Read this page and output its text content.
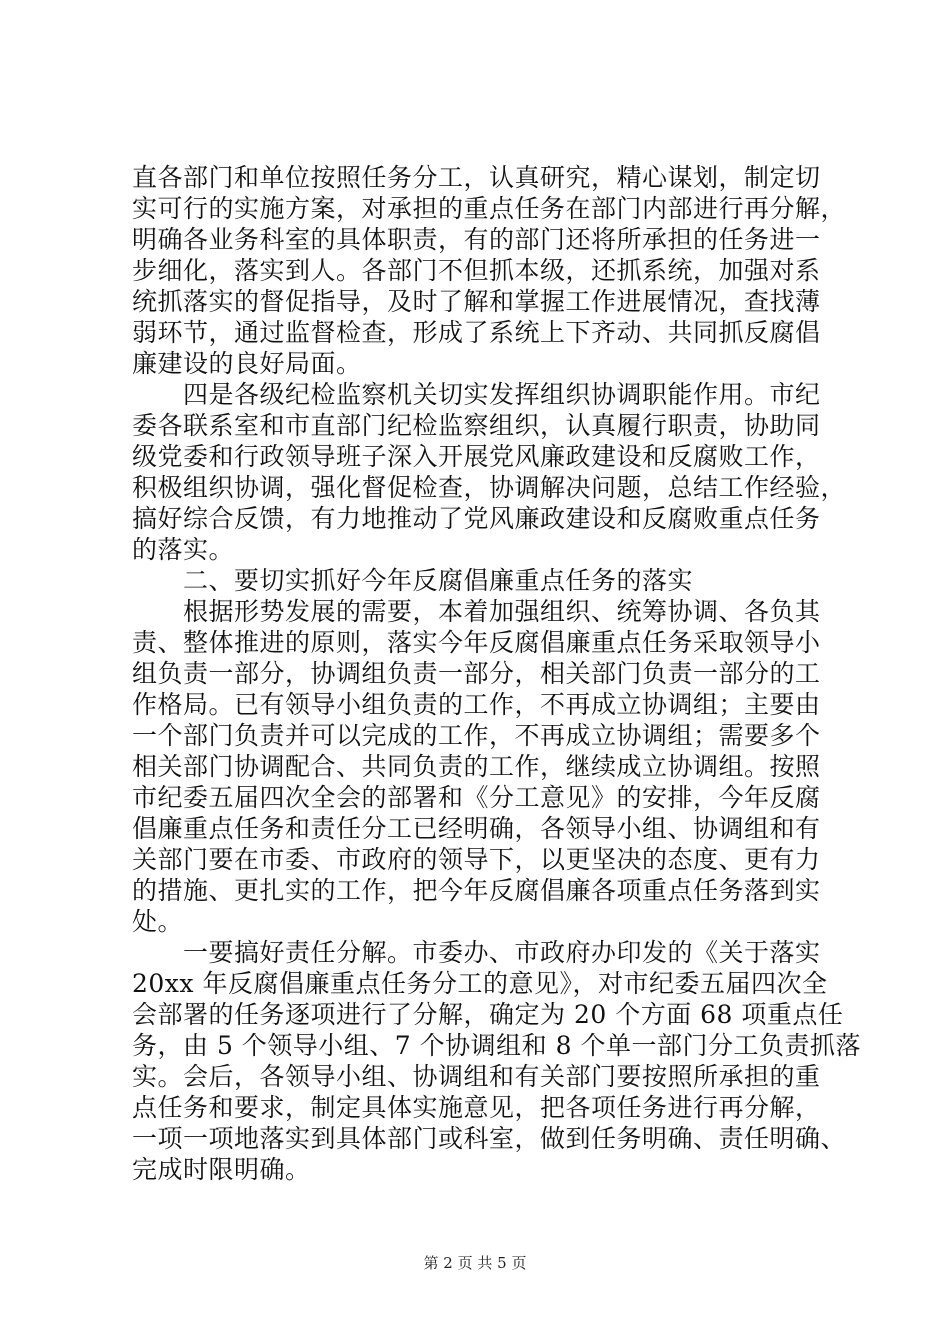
直各部门和单位按照任务分工，认真研究，精心谋划，制定切
实可行的实施方案，对承担的重点任务在部门内部进行再分解，
明确各业务科室的具体职责，有的部门还将所承担的任务进一
步细化，落实到人。各部门不但抓本级，还抓系统，加强对系
统抓落实的督促指导，及时了解和掌握工作进展情况，查找薄
弱环节，通过监督检查，形成了系统上下齐动、共同抓反腐倡
廉建设的良好局面。
　　四是各级纪检监察机关切实发挥组织协调职能作用。市纪
委各联系室和市直部门纪检监察组织，认真履行职责，协助同
级党委和行政领导班子深入开展党风廉政建设和反腐败工作，
积极组织协调，强化督促检查，协调解决问题，总结工作经验，
搞好综合反馈，有力地推动了党风廉政建设和反腐败重点任务
的落实。
　　二、要切实抓好今年反腐倡廉重点任务的落实
　　根据形势发展的需要，本着加强组织、统筹协调、各负其
责、整体推进的原则，落实今年反腐倡廉重点任务采取领导小
组负责一部分，协调组负责一部分，相关部门负责一部分的工
作格局。已有领导小组负责的工作，不再成立协调组；主要由
一个部门负责并可以完成的工作，不再成立协调组；需要多个
相关部门协调配合、共同负责的工作，继续成立协调组。按照
市纪委五届四次全会的部署和《分工意见》的安排，今年反腐
倡廉重点任务和责任分工已经明确，各领导小组、协调组和有
关部门要在市委、市政府的领导下，以更坚决的态度、更有力
的措施、更扎实的工作，把今年反腐倡廉各项重点任务落到实
处。
　　一要搞好责任分解。市委办、市政府办印发的《关于落实
20xx 年反腐倡廉重点任务分工的意见》，对市纪委五届四次全
会部署的任务逐项进行了分解，确定为 20 个方面 68 项重点任
务，由 5 个领导小组、7 个协调组和 8 个单一部门分工负责抓落
实。会后，各领导小组、协调组和有关部门要按照所承担的重
点任务和要求，制定具体实施意见，把各项任务进行再分解，
一项一项地落实到具体部门或科室，做到任务明确、责任明确、
完成时限明确。
第 2 页 共 5 页
